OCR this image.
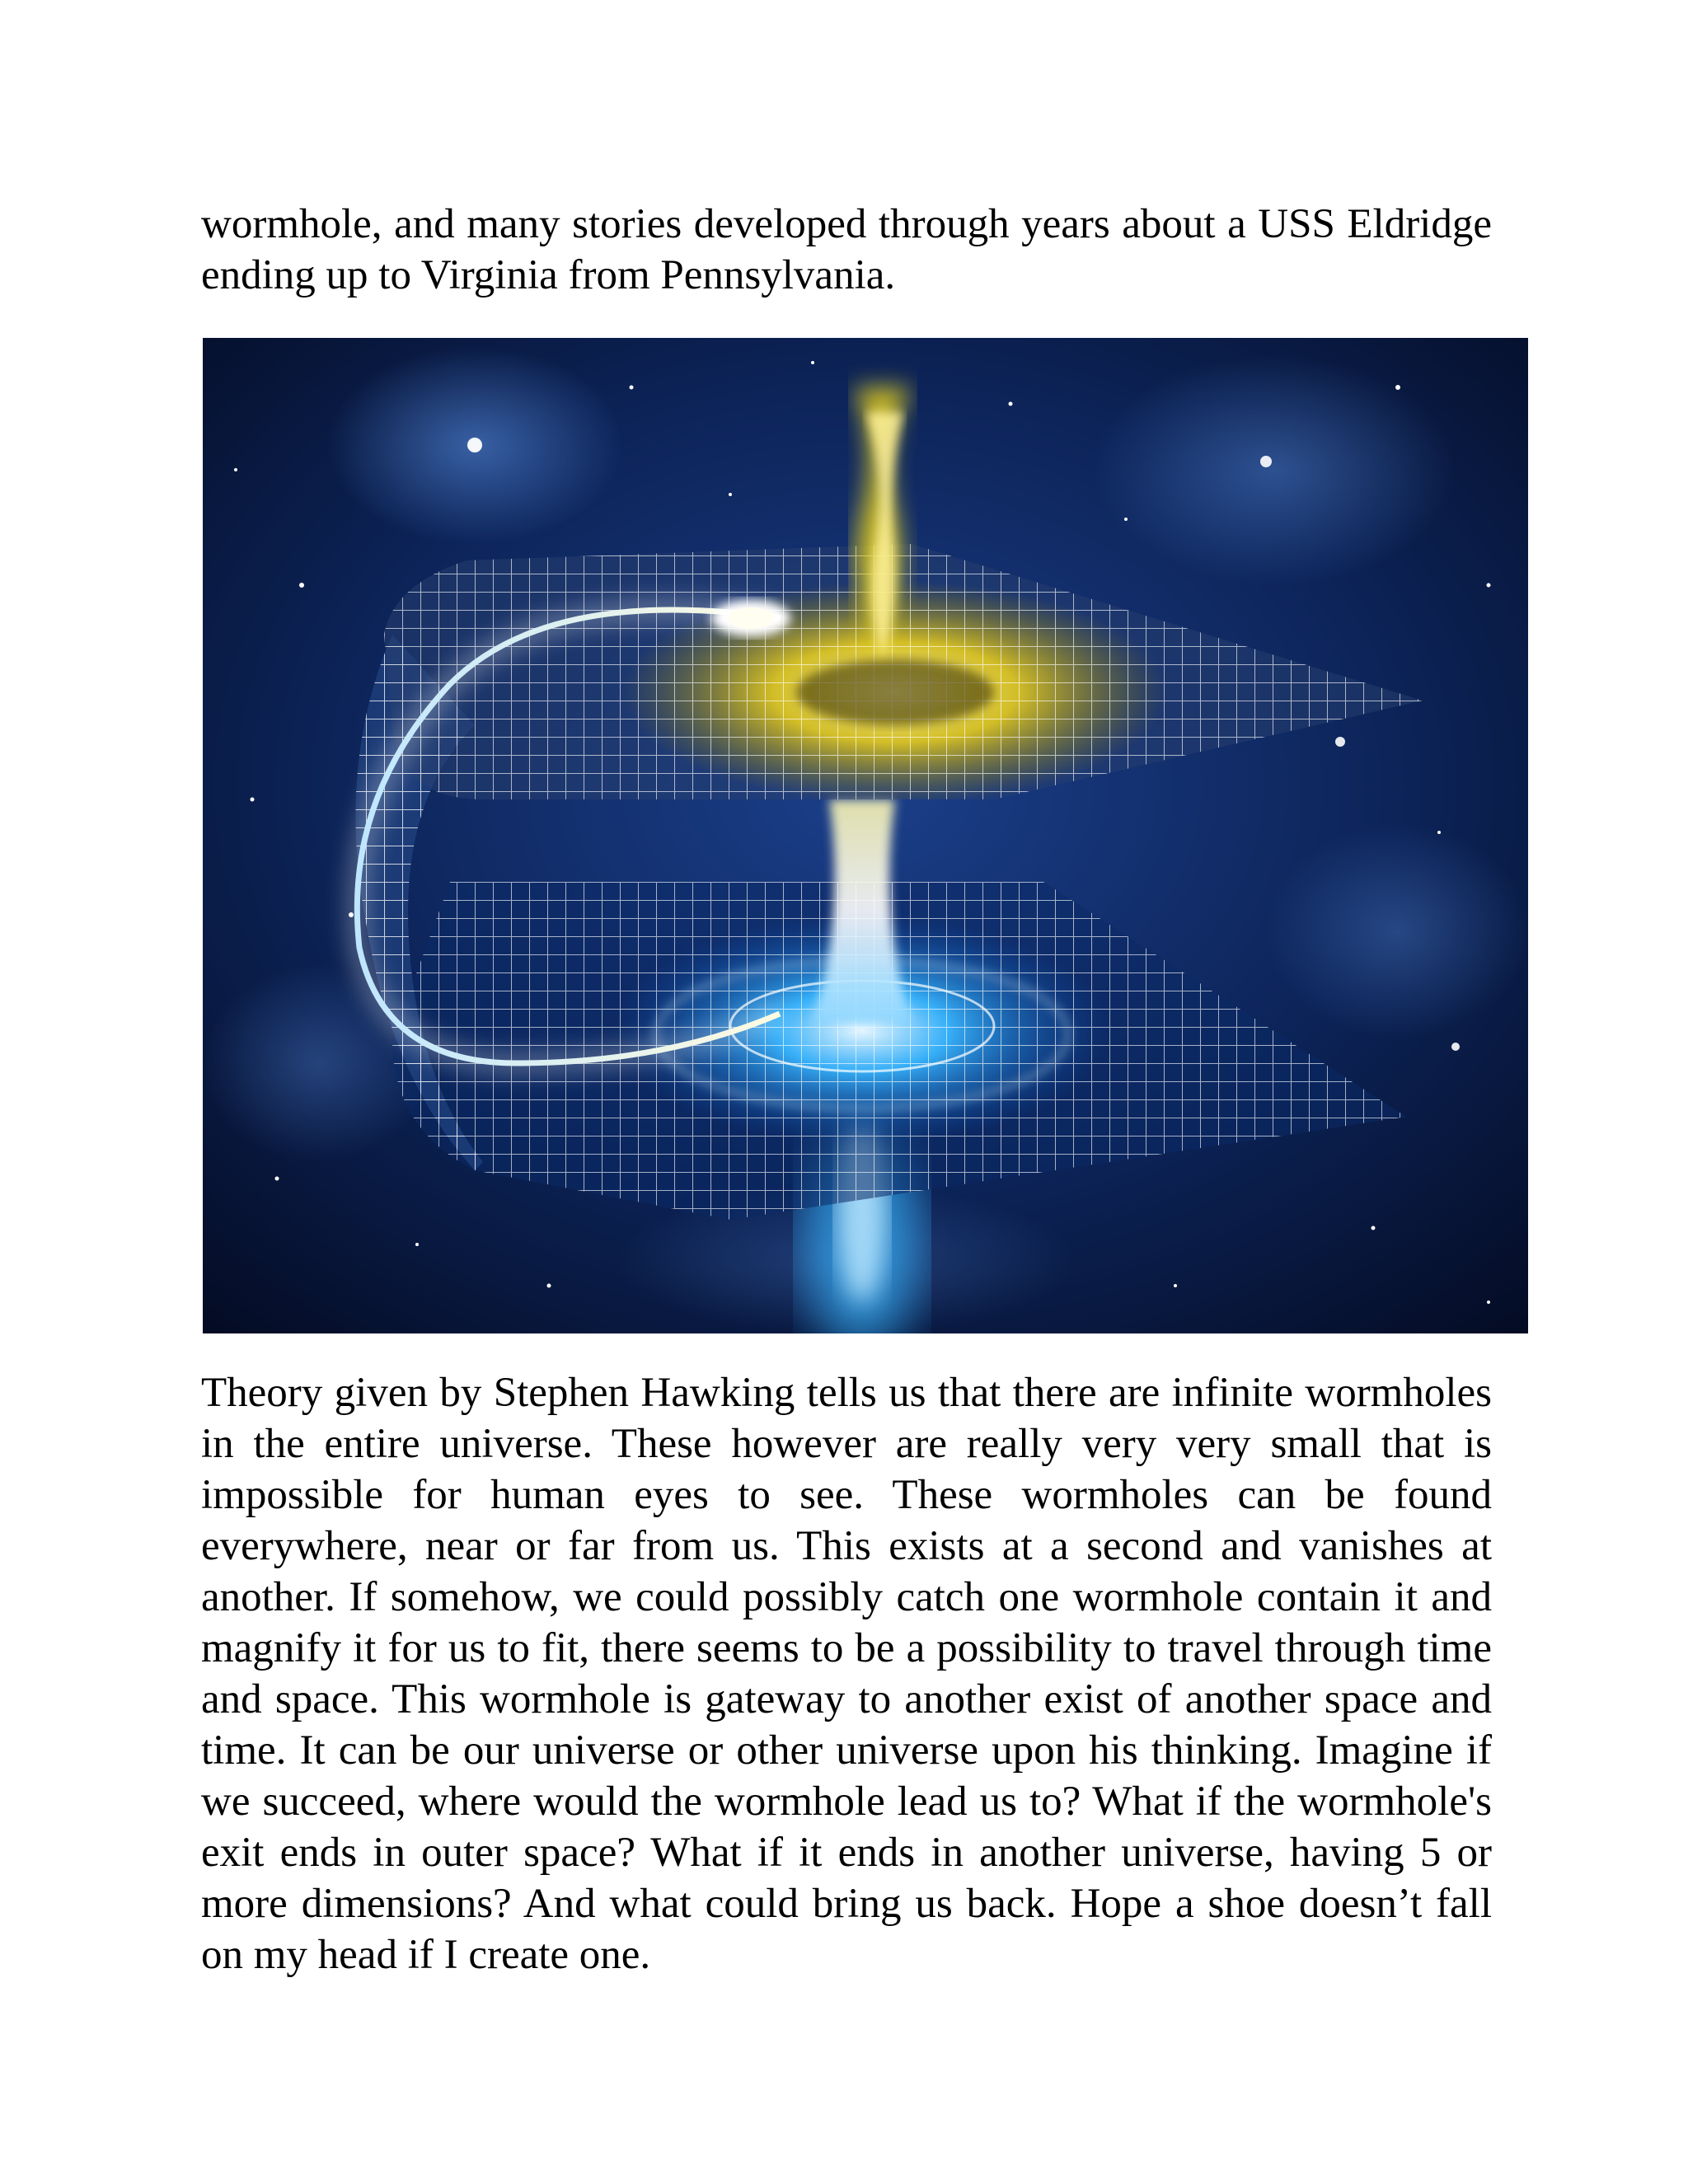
wormhole, and many stories developed through years about a USS Eldridge ending up to Virginia from Pennsylvania.

Theory given by Stephen Hawking tells us that there are infinite wormholes in the entire universe. These however are really very very small that is impossible for human eyes to see. These wormholes can be found everywhere, near or far from us. This exists at a second and vanishes at another. If somehow, we could possibly catch one wormhole contain it and magnify it for us to fit, there seems to be a possibility to travel through time and space. This wormhole is gateway to another exist of another space and time. It can be our universe or other universe upon his thinking. Imagine if we succeed, where would the wormhole lead us to? What if the wormhole's exit ends in outer space? What if it ends in another universe, having 5 or more dimensions? And what could bring us back. Hope a shoe doesn’t fall on my head if I create one.
